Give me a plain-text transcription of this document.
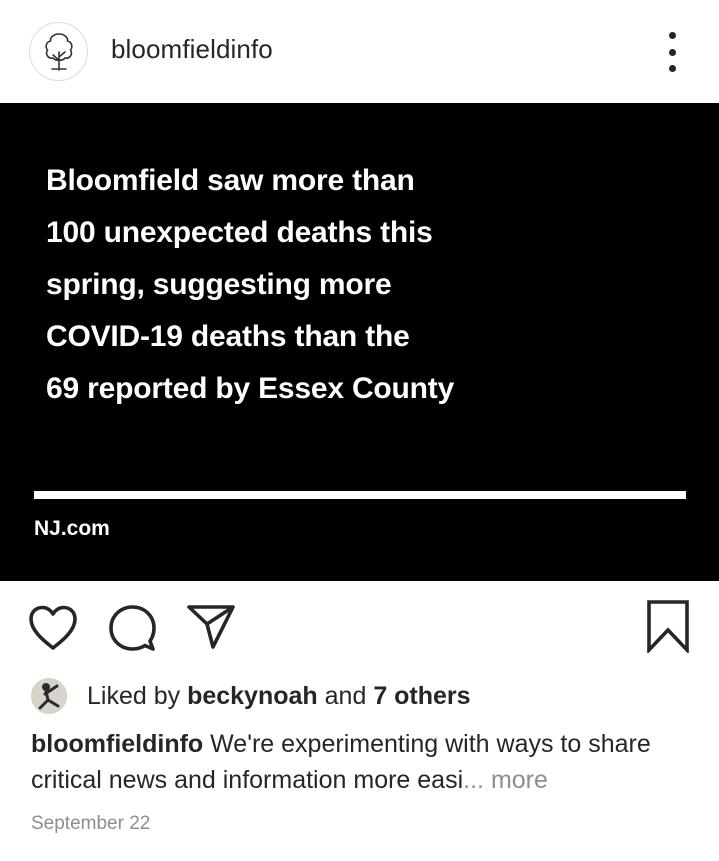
bloomfieldinfo
Bloomfield saw more than
100 unexpected deaths this
spring, suggesting more
COVID-19 deaths than the
69 reported by Essex County
NJ.com
Liked by beckynoah and 7 others
bloomfieldinfo We're experimenting with ways to share critical news and information more easi... more
September 22
